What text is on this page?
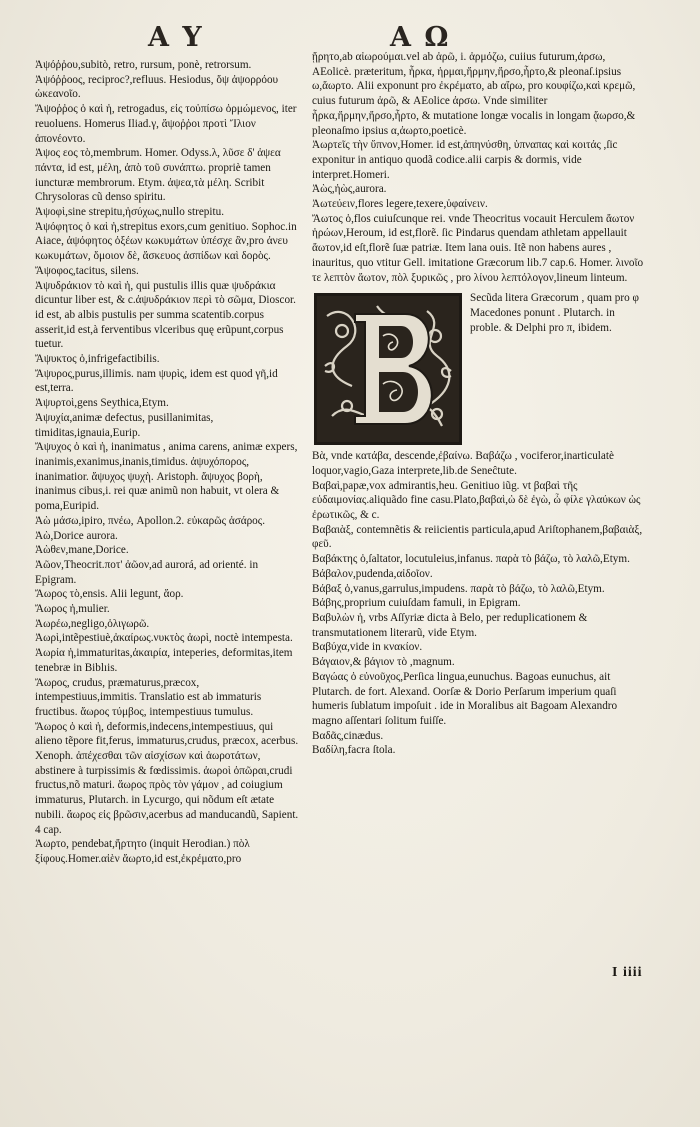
Α Υ	Α Ω

Ἀψόῤῥου,subitò, retro, rursum, ponè, retrorsum.

Ἀψόῤῥοος, reciproc?,refluus. Hesiodus, ὄψ ἀψορρόου ὠκεανοῖο.

Ἄψοῤῥος ὁ καὶ ἡ, retrogadus, εἰς τοὐπίσω ὁρμώμενος, iter reuoluens. Homerus Iliad.γ, ἄψοῤῥοι προτὶ Ἴλιον ἀπονέοντο.

Ἀψος εος τὸ,membrum. Homer. Odyss.λ, λῦσε δ' ἀψεα πάντα, id est, μέλη, ἀπὸ τοῦ συνάπτω. propriè tamen iuncturæ membrorum. Etym. ἀψεα,τὰ μέλη. Scribit Chrysoloras cũ denso spiritu.

Ἀψοφὶ,sine strepitu,ἡσύχως,nullo strepitu.

Ἀψόφητος ὁ καὶ ἡ,strepitus exors,cum genitiuo. Sophoc.in Aiace, ἀψόφητος ὀξέων κωκυμάτων ὑπέσχε ἂν,pro ἀνευ κωκυμάτων, ὅμοιον δὲ, ἄσκευος ἀσπίδων καὶ δορὸς.

Ἄψοφος,tacitus, silens.

Ἀψυδράκιον τὸ καὶ ἡ, qui pustulis illis quæ ψυδράκια dicuntur liber est, & c.ἀψυδράκιον περὶ τὸ σῶμα, Dioscor. id est, ab albis pustulis per summa scatentib.corpus asserit,id est,à ferventibus vlceribus quę erũpunt,corpus tuetur.

Ἄψυκτος ὁ,infrigefactibilis.

Ἄψυρος,purus,illimis. nam ψυρὶς, idem est quod γῆ,id est,terra.

Ἀψυρτοὶ,gens Seythica,Etym.

Ἀψυχία,animæ defectus, pusillanimitas, timiditas,ignauia,Eurip.

Ἄψυχος ὁ καὶ ἡ, inanimatus , anima carens, animæ expers, inanimis,exanimus,inanis,timidus. ἀψυχόπορος, inanimatior. ἄψυχος ψυχὴ. Aristoph. ἄψυχος βορὴ, inanimus cibus,i. rei quæ animũ non habuit, vt olera & poma,Euripid.

Ἀὼ μάσω,ipiro, πνέω, Apollon.2. εὐκαρῶς ἀσάρος.

Ἀὼ,Dorice aurora.

Ἀὼθεν,mane,Dorice.

Ἀῶον,Theocrit.ποτ' ἀῶον,ad aurorá, ad orienté. in Epigram.

Ἄωρος τὸ,ensis. Alii legunt, ἄορ.

Ἄωρος ἡ,mulier.

Ἀωρέω,negligo,ὀλιγωρῶ.

Ἀωρὶ,intẽpestiuè,ἀκαίρως.νυκτὸς ἀωρὶ, noctè intempesta.

Ἀωρία ἡ,immaturitas,ἀκαιρία, inteperies, deformitas,item tenebræ in Biblıis.

Ἄωρος, crudus, præmaturus,præcox, intempestiuus,immitis. Translatio est ab immaturis fructibus. ἄωρος τύμβος, intempestiuus tumulus.

Ἄωρος ὁ καὶ ἡ, deformis,indecens,intempestiuus, qui alieno tẽpore fit,ferus, immaturus,crudus, præcox, acerbus. Xenoph. ἀπέχεσθαι τῶν αἰσχίσων καὶ ἀωροτάτων, abstinere à turpissimis & fœdissimis. ἀωροὶ ὀπῶραι,crudi fructus,nõ maturi. ἄωρος πρὸς τὸν γάμον , ad coiugium immaturus, Plutarch. in Lycurgo, qui nõdum eſt ætate nubili. ἄωρος εἰς βρῶσιν,acerbus ad manducandũ, Sapient. 4 cap.

Ἀωρτο, pendebat,ἤρτητο (inquit Herodian.) πὸλ ξίφους.Homer.αἰὲν ἄωρτο,id est,ἐκρέματο,pro

ᾔρητο,ab αἰωρούμαι.vel ab ἀρῶ, i. ἀρμόζω, cuiius futurum,ἀρσω, AEolicè. præteritum, ἦρκα, ἠρμαι,ἤρμην,ἤρσο,ἦρτο,& pleonaſ.ipsius ω,ἄωρτο. Alii exponunt pro ἐκρέματο, ab αἴρω, pro κουφίζω,καὶ κρεμῶ, cuius futurum ἀρῶ, & AEolice ἀρσω. Vnde similiter ἦρκα,ἤρμην,ἤρσο,ἦρτο, & mutatione longæ vocalis in longam ᾄωρσο,& pleonaſmo ipsius α,ἀωρτο,poeticè.

Ἀωρτεῖς τὴν ὕπνον,Homer. id est,ἀπηνύσθη, ὑπναπας καὶ κοιτάς ,ſic exponitur in antiquo quodã codice.alii carpis & dormis, vide interpret.Homeri.

Ἀὼς,ἠὼς,aurora.

Ἀωτεύειν,flores legere,texere,ὑφαίνειν.

Ἄωτος ὁ,flos cuiuſcunque rei. vnde Theocritus vocauit Herculem ἄωτον ἡρώων,Heroum, id est,florẽ. ſic Pindarus quendam athletam appellauit ἄωτον,id eſt,florẽ ſuæ patriæ. Item lana ouis. Itẽ non habens aures , inauritus, quo vtitur Gell. imitatione Græcorum lib.7 cap.6. Homer. λινοῖο τε λεπτὸν ἄωτον, πὸλ ξυρικῶς , pro λίνου λεπτόλογον,lineum linteum.

Secũda litera Græcorum , quam pro φ Macedones ponunt . Plutarch. in proble. & Delphi pro π, ibidem.

Βὰ, vnde κατάβα, descende,ἐβαίνω. Βαβάζω , vociferor,inarticulatè loquor,vagio,Gaza interprete,lib.de Seneĉtute.

Βαβαὶ,papæ,vox admirantis,heu. Genitiuo iũg. vt βαβαὶ τῆς εὐδαιμονίας.aliquãdo fine casu.Plato,βαβαὶ,ὡ δὲ ἐγὼ, ὦ φίλε γλαύκων ὡς ἐρωτικῶς, & c.

Βαβαιὰξ, contemnẽtis & reiicientis particula,apud Ariſtophanem,βαβαιὰξ, φεῦ.

Βαβάκτης ὁ,ſaltator, locutuleius,infanus. παρὰ τὸ βάζω, τὸ λαλῶ,Etym.

Βάβαλον,pudenda,αἰδοῖον.

Βάβαξ ὁ,vanus,garrulus,impudens. παρὰ τὸ βάζω, τὸ λαλῶ,Etym.

Βάβης,proprium cuiuſdam famuli, in Epigram.

Βαβυλὼν ἡ, vrbs Aſſyriæ dicta à Belo, per reduplicationem & transmutationem literarũ, vide Etym.

Βαβύχα,vide in κνακίον.

Βάγαιον,& βάγιον τὸ ,magnum.

Βαγώας ὁ εὐνοῦχος,Perſica lingua,eunuchus. Bagoas eunuchus, ait Plutarch. de fort. Alexand. Oorſæ & Dorio Perſarum imperium quaſi humeris ſublatum impoſuit . ide in Moralibus ait Bagoam Alexandro magno aſſentari ſolitum fuiſſe.

Βαδᾶς,cinædus.

Βαδίλη,facra ſtola.

I iiii
